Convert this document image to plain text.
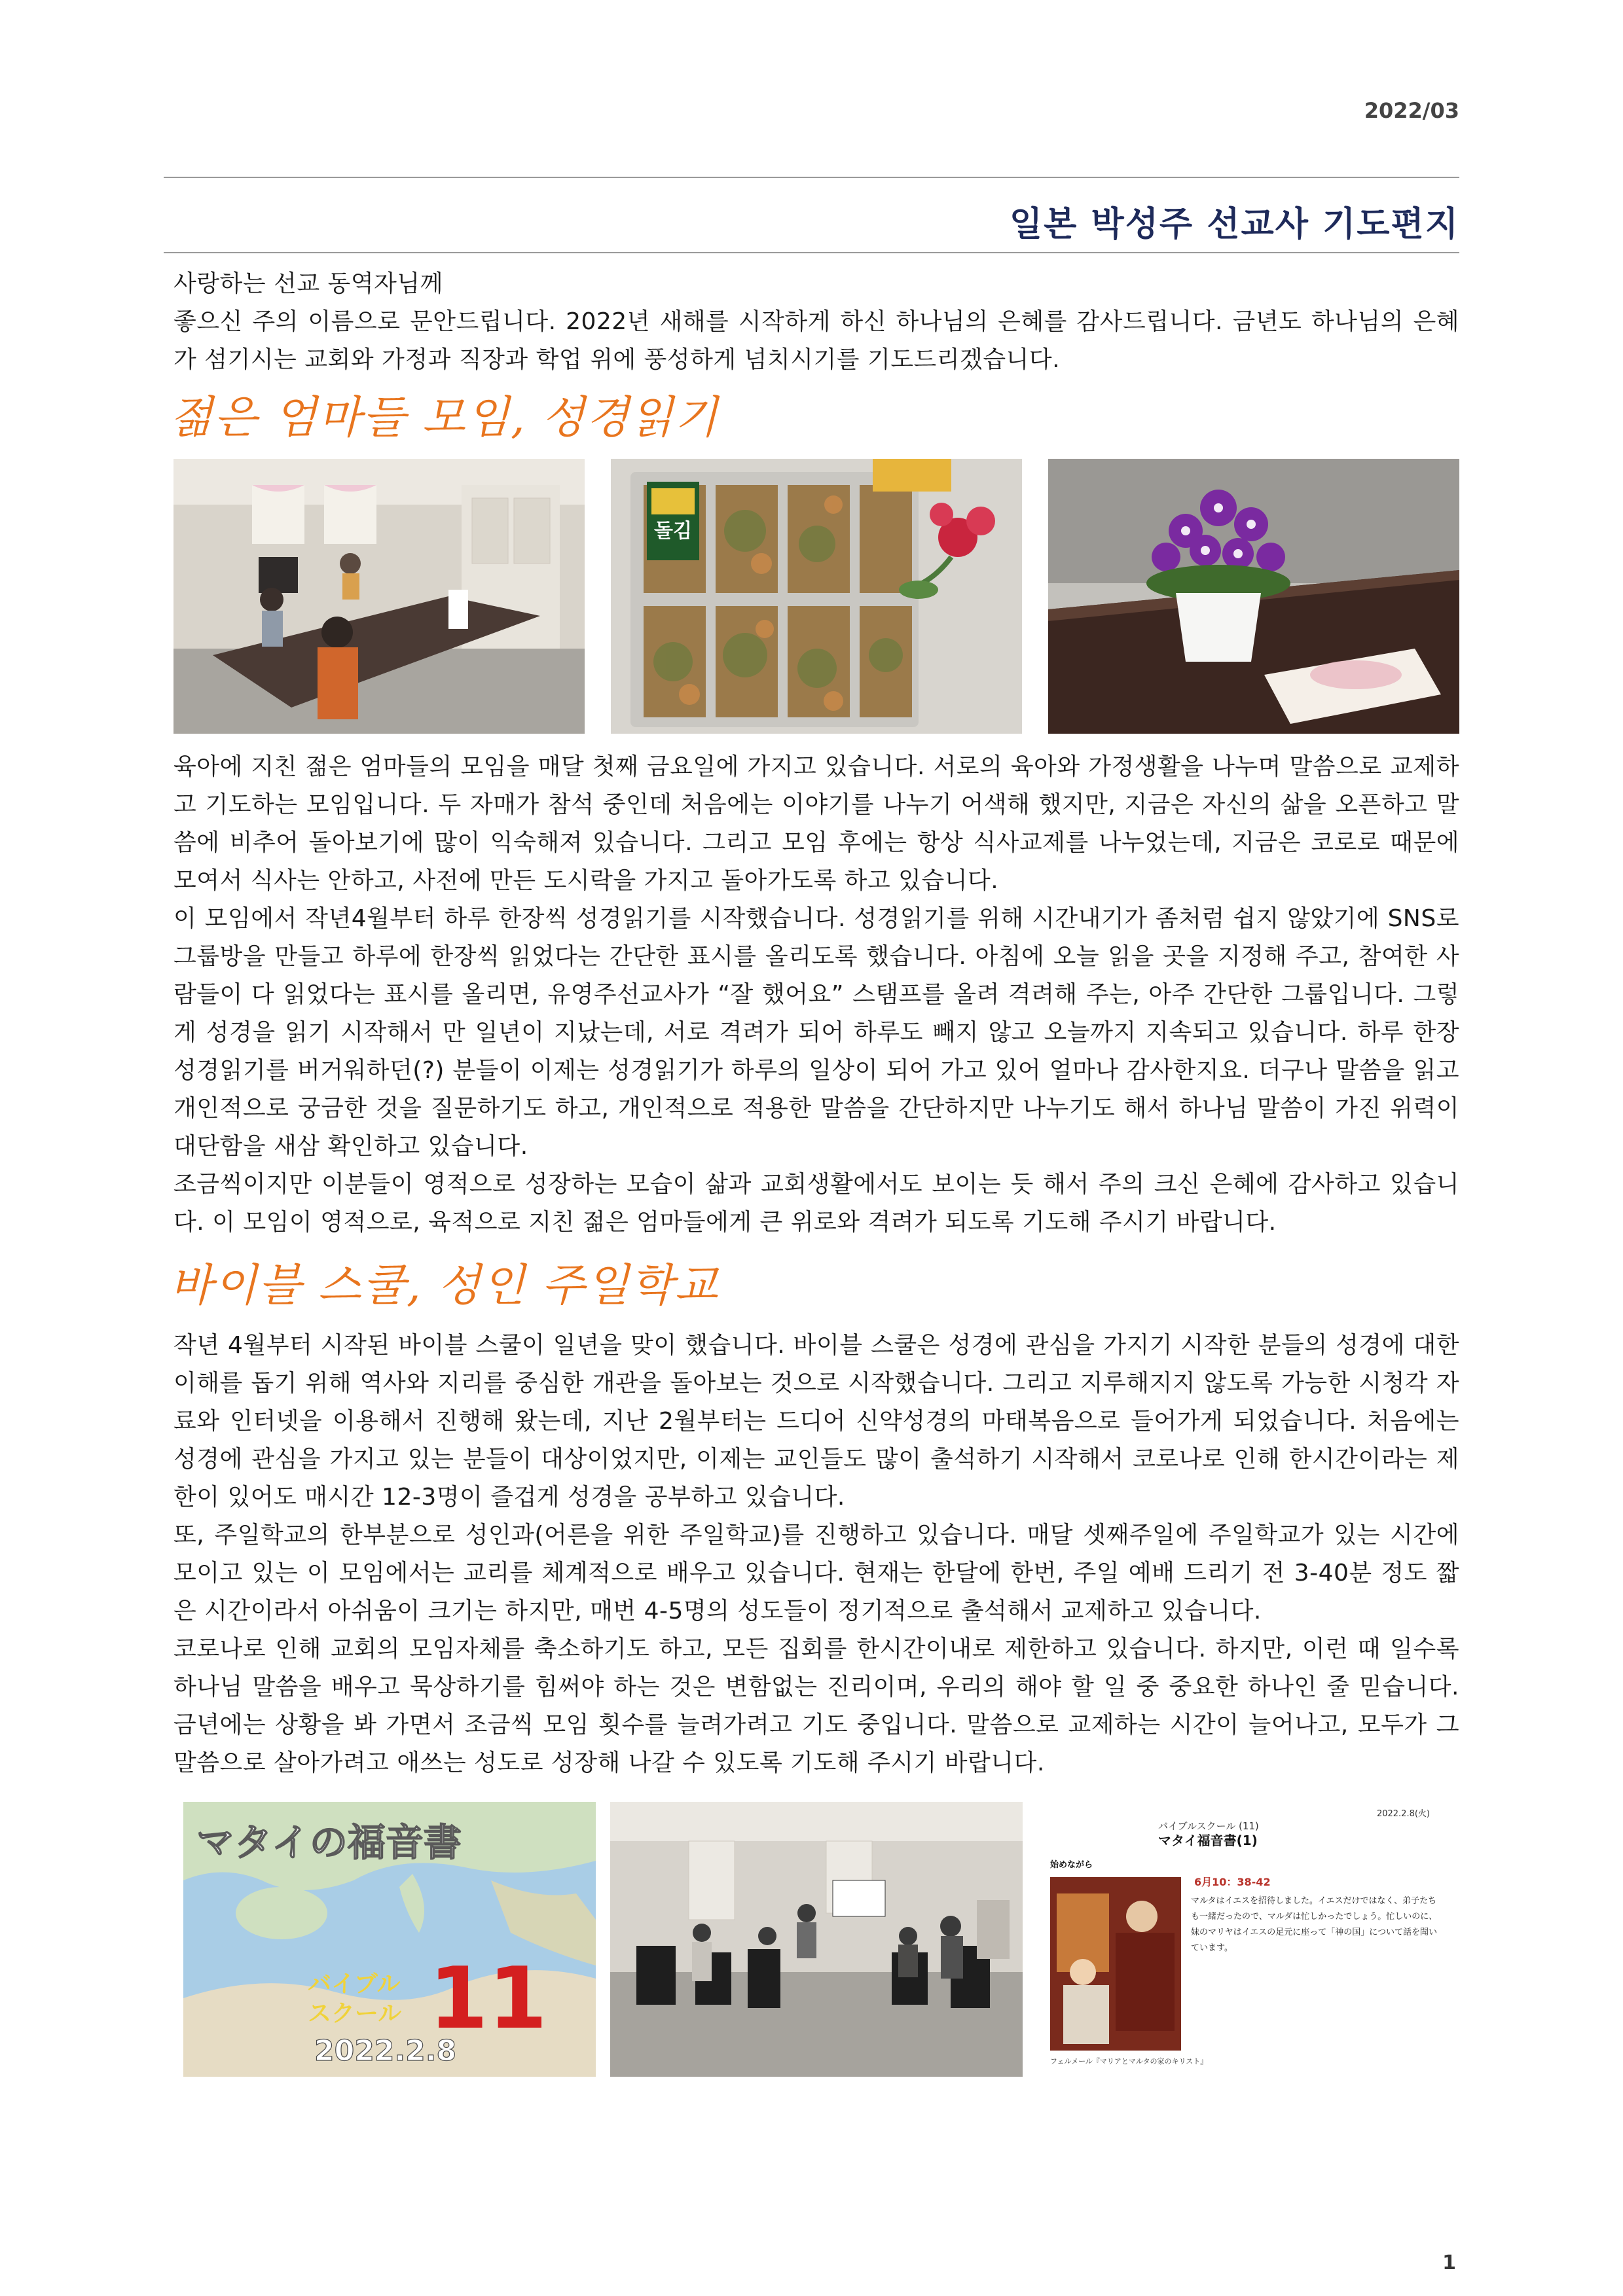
2022/03
일본 박성주 선교사 기도편지

사랑하는 선교 동역자님께

좋으신 주의 이름으로 문안드립니다. 2022년 새해를 시작하게 하신 하나님의 은혜를 감사드립니다. 금년도 하나님의 은혜가 섬기시는 교회와 가정과 직장과 학업 위에 풍성하게 넘치시기를 기도드리겠습니다.

젊은 엄마들 모임, 성경읽기
돌김

육아에 지친 젊은 엄마들의 모임을 매달 첫째 금요일에 가지고 있습니다. 서로의 육아와 가정생활을 나누며 말씀으로 교제하고 기도하는 모임입니다. 두 자매가 참석 중인데 처음에는 이야기를 나누기 어색해 했지만, 지금은 자신의 삶을 오픈하고 말씀에 비추어 돌아보기에 많이 익숙해져 있습니다. 그리고 모임 후에는 항상 식사교제를 나누었는데, 지금은 코로로 때문에 모여서 식사는 안하고, 사전에 만든 도시락을 가지고 돌아가도록 하고 있습니다.

이 모임에서 작년4월부터 하루 한장씩 성경읽기를 시작했습니다. 성경읽기를 위해 시간내기가 좀처럼 쉽지 않았기에 SNS로 그룹방을 만들고 하루에 한장씩 읽었다는 간단한 표시를 올리도록 했습니다. 아침에 오늘 읽을 곳을 지정해 주고, 참여한 사람들이 다 읽었다는 표시를 올리면, 유영주선교사가 “잘 했어요” 스탬프를 올려 격려해 주는, 아주 간단한 그룹입니다. 그렇게 성경을 읽기 시작해서 만 일년이 지났는데, 서로 격려가 되어 하루도 빼지 않고 오늘까지 지속되고 있습니다. 하루 한장 성경읽기를 버거워하던(?) 분들이 이제는 성경읽기가 하루의 일상이 되어 가고 있어 얼마나 감사한지요. 더구나 말씀을 읽고 개인적으로 궁금한 것을 질문하기도 하고, 개인적으로 적용한 말씀을 간단하지만 나누기도 해서 하나님 말씀이 가진 위력이 대단함을 새삼 확인하고 있습니다.

조금씩이지만 이분들이 영적으로 성장하는 모습이 삶과 교회생활에서도 보이는 듯 해서 주의 크신 은혜에 감사하고 있습니다. 이 모임이 영적으로, 육적으로 지친 젊은 엄마들에게 큰 위로와 격려가 되도록 기도해 주시기 바랍니다.

바이블 스쿨, 성인 주일학교

작년 4월부터 시작된 바이블 스쿨이 일년을 맞이 했습니다. 바이블 스쿨은 성경에 관심을 가지기 시작한 분들의 성경에 대한 이해를 돕기 위해 역사와 지리를 중심한 개관을 돌아보는 것으로 시작했습니다. 그리고 지루해지지 않도록 가능한 시청각 자료와 인터넷을 이용해서 진행해 왔는데, 지난 2월부터는 드디어 신약성경의 마태복음으로 들어가게 되었습니다. 처음에는 성경에 관심을 가지고 있는 분들이 대상이었지만, 이제는 교인들도 많이 출석하기 시작해서 코로나로 인해 한시간이라는 제한이 있어도 매시간 12-3명이 즐겁게 성경을 공부하고 있습니다.

또, 주일학교의 한부분으로 성인과(어른을 위한 주일학교)를 진행하고 있습니다. 매달 셋째주일에 주일학교가 있는 시간에 모이고 있는 이 모임에서는 교리를 체계적으로 배우고 있습니다. 현재는 한달에 한번, 주일 예배 드리기 전 3-40분 정도 짧은 시간이라서 아쉬움이 크기는 하지만, 매번 4-5명의 성도들이 정기적으로 출석해서 교제하고 있습니다.

코로나로 인해 교회의 모임자체를 축소하기도 하고, 모든 집회를 한시간이내로 제한하고 있습니다. 하지만, 이런 때 일수록 하나님 말씀을 배우고 묵상하기를 힘써야 하는 것은 변함없는 진리이며, 우리의 해야 할 일 중 중요한 하나인 줄 믿습니다. 금년에는 상황을 봐 가면서 조금씩 모임 횟수를 늘려가려고 기도 중입니다. 말씀으로 교제하는 시간이 늘어나고, 모두가 그 말씀으로 살아가려고 애쓰는 성도로 성장해 나갈 수 있도록 기도해 주시기 바랍니다.

マタイの福音書
バイブル
スクール 11
2022.2.8
2022.2.8(火)
バイブルスクール (11)
マタイ福音書(1)
始めながら
6月10：38-42
マルタはイエスを招待しました。イエスだけではなく、弟子たちも一緒だったので、マルダは忙しかったでしょう。忙しいのに、妹のマリヤはイエスの足元に座って「神の国」について話を聞いています。
フェルメール『マリアとマルタの家のキリスト』
1
